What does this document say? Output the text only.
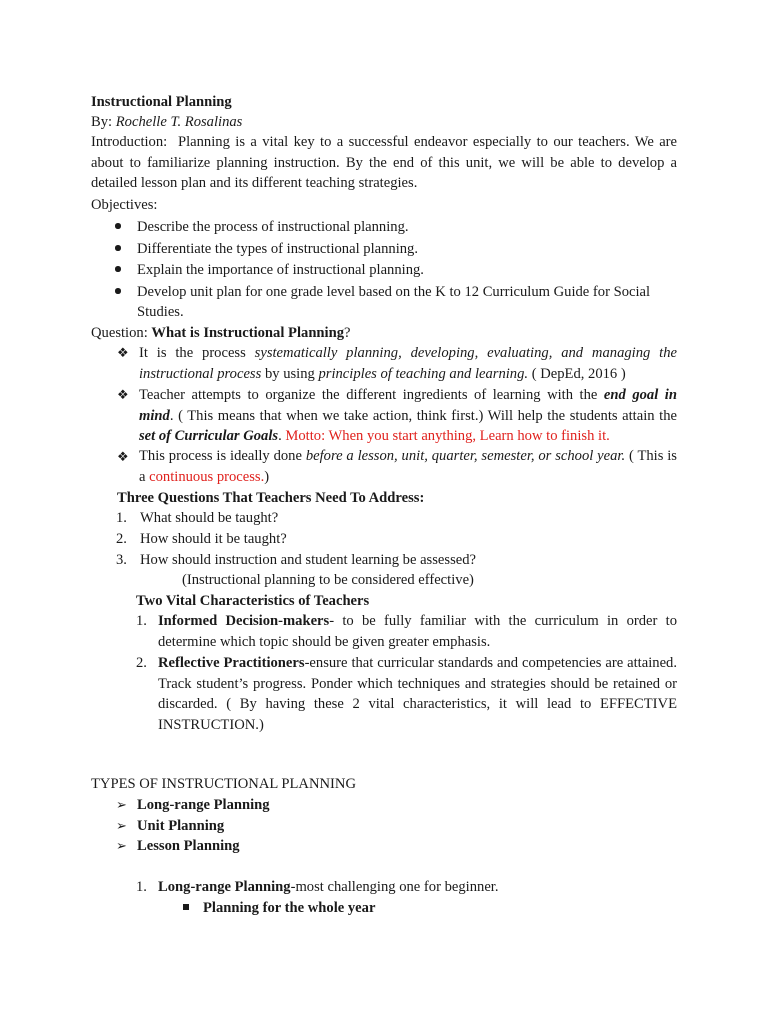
Instructional Planning
By: Rochelle T. Rosalinas
Introduction: Planning is a vital key to a successful endeavor especially to our teachers. We are about to familiarize planning instruction. By the end of this unit, we will be able to develop a detailed lesson plan and its different teaching strategies.
Objectives:
Describe the process of instructional planning.
Differentiate the types of instructional planning.
Explain the importance of instructional planning.
Develop unit plan for one grade level based on the K to 12 Curriculum Guide for Social Studies.
Question: What is Instructional Planning?
❖ It is the process systematically planning, developing, evaluating, and managing the instructional process by using principles of teaching and learning. ( DepEd, 2016 )
❖ Teacher attempts to organize the different ingredients of learning with the end goal in mind. ( This means that when we take action, think first.) Will help the students attain the set of Curricular Goals. Motto: When you start anything, Learn how to finish it.
❖ This process is ideally done before a lesson, unit, quarter, semester, or school year. ( This is a continuous process.)
Three Questions That Teachers Need To Address:
1. What should be taught?
2. How should it be taught?
3. How should instruction and student learning be assessed?
(Instructional planning to be considered effective)
Two Vital Characteristics of Teachers
1. Informed Decision-makers- to be fully familiar with the curriculum in order to determine which topic should be given greater emphasis.
2. Reflective Practitioners-ensure that curricular standards and competencies are attained. Track student’s progress. Ponder which techniques and strategies should be retained or discarded. ( By having these 2 vital characteristics, it will lead to EFFECTIVE INSTRUCTION.)
TYPES OF INSTRUCTIONAL PLANNING
➢ Long-range Planning
➢ Unit Planning
➢ Lesson Planning
1. Long-range Planning-most challenging one for beginner.
Planning for the whole year
